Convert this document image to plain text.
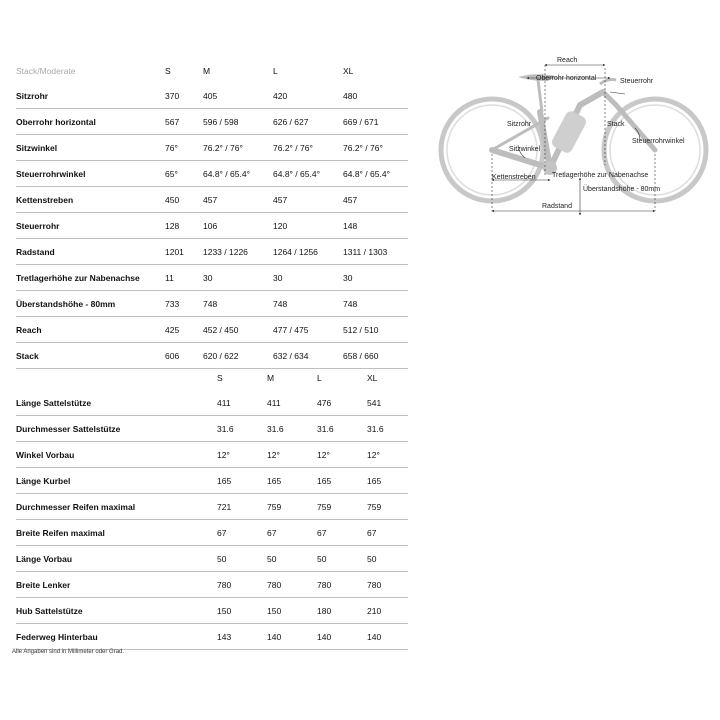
Stack/Moderate	S	M	L	XL
Sitzrohr	370	405	420	480
Oberrohr horizontal	567	596 / 598	626 / 627	669 / 671
Sitzwinkel	76°	76.2° / 76°	76.2° / 76°	76.2° / 76°
Steuerrohrwinkel	65°	64.8° / 65.4°	64.8° / 65.4°	64.8° / 65.4°
Kettenstreben	450	457	457	457
Steuerrohr	128	106	120	148
Radstand	1201	1233 / 1226	1264 / 1256	1311 / 1303
Tretlagerhöhe zur Nabenachse	11	30	30	30
Überstandshöhe - 80mm	733	748	748	748
Reach	425	452 / 450	477 / 475	512 / 510
Stack	606	620 / 622	632 / 634	658 / 660
	S	M	L	XL
Länge Sattelstütze	411	411	476	541
Durchmesser Sattelstütze	31.6	31.6	31.6	31.6
Winkel Vorbau	12°	12°	12°	12°
Länge Kurbel	165	165	165	165
Durchmesser Reifen maximal	721	759	759	759
Breite Reifen maximal	67	67	67	67
Länge Vorbau	50	50	50	50
Breite Lenker	780	780	780	780
Hub Sattelstütze	150	150	180	210
Federweg Hinterbau	143	140	140	140
Alle Angaben sind in Millimeter oder Grad.
Reach
Oberrohr horizontal	Steuerrohr
Sitzrohr	Stack
Steuerrohrwinkel
Sitzwinkel
Tretlagerhöhe zur Nabenachse
Kettenstreben
Überstandshöhe - 80mm
Radstand
